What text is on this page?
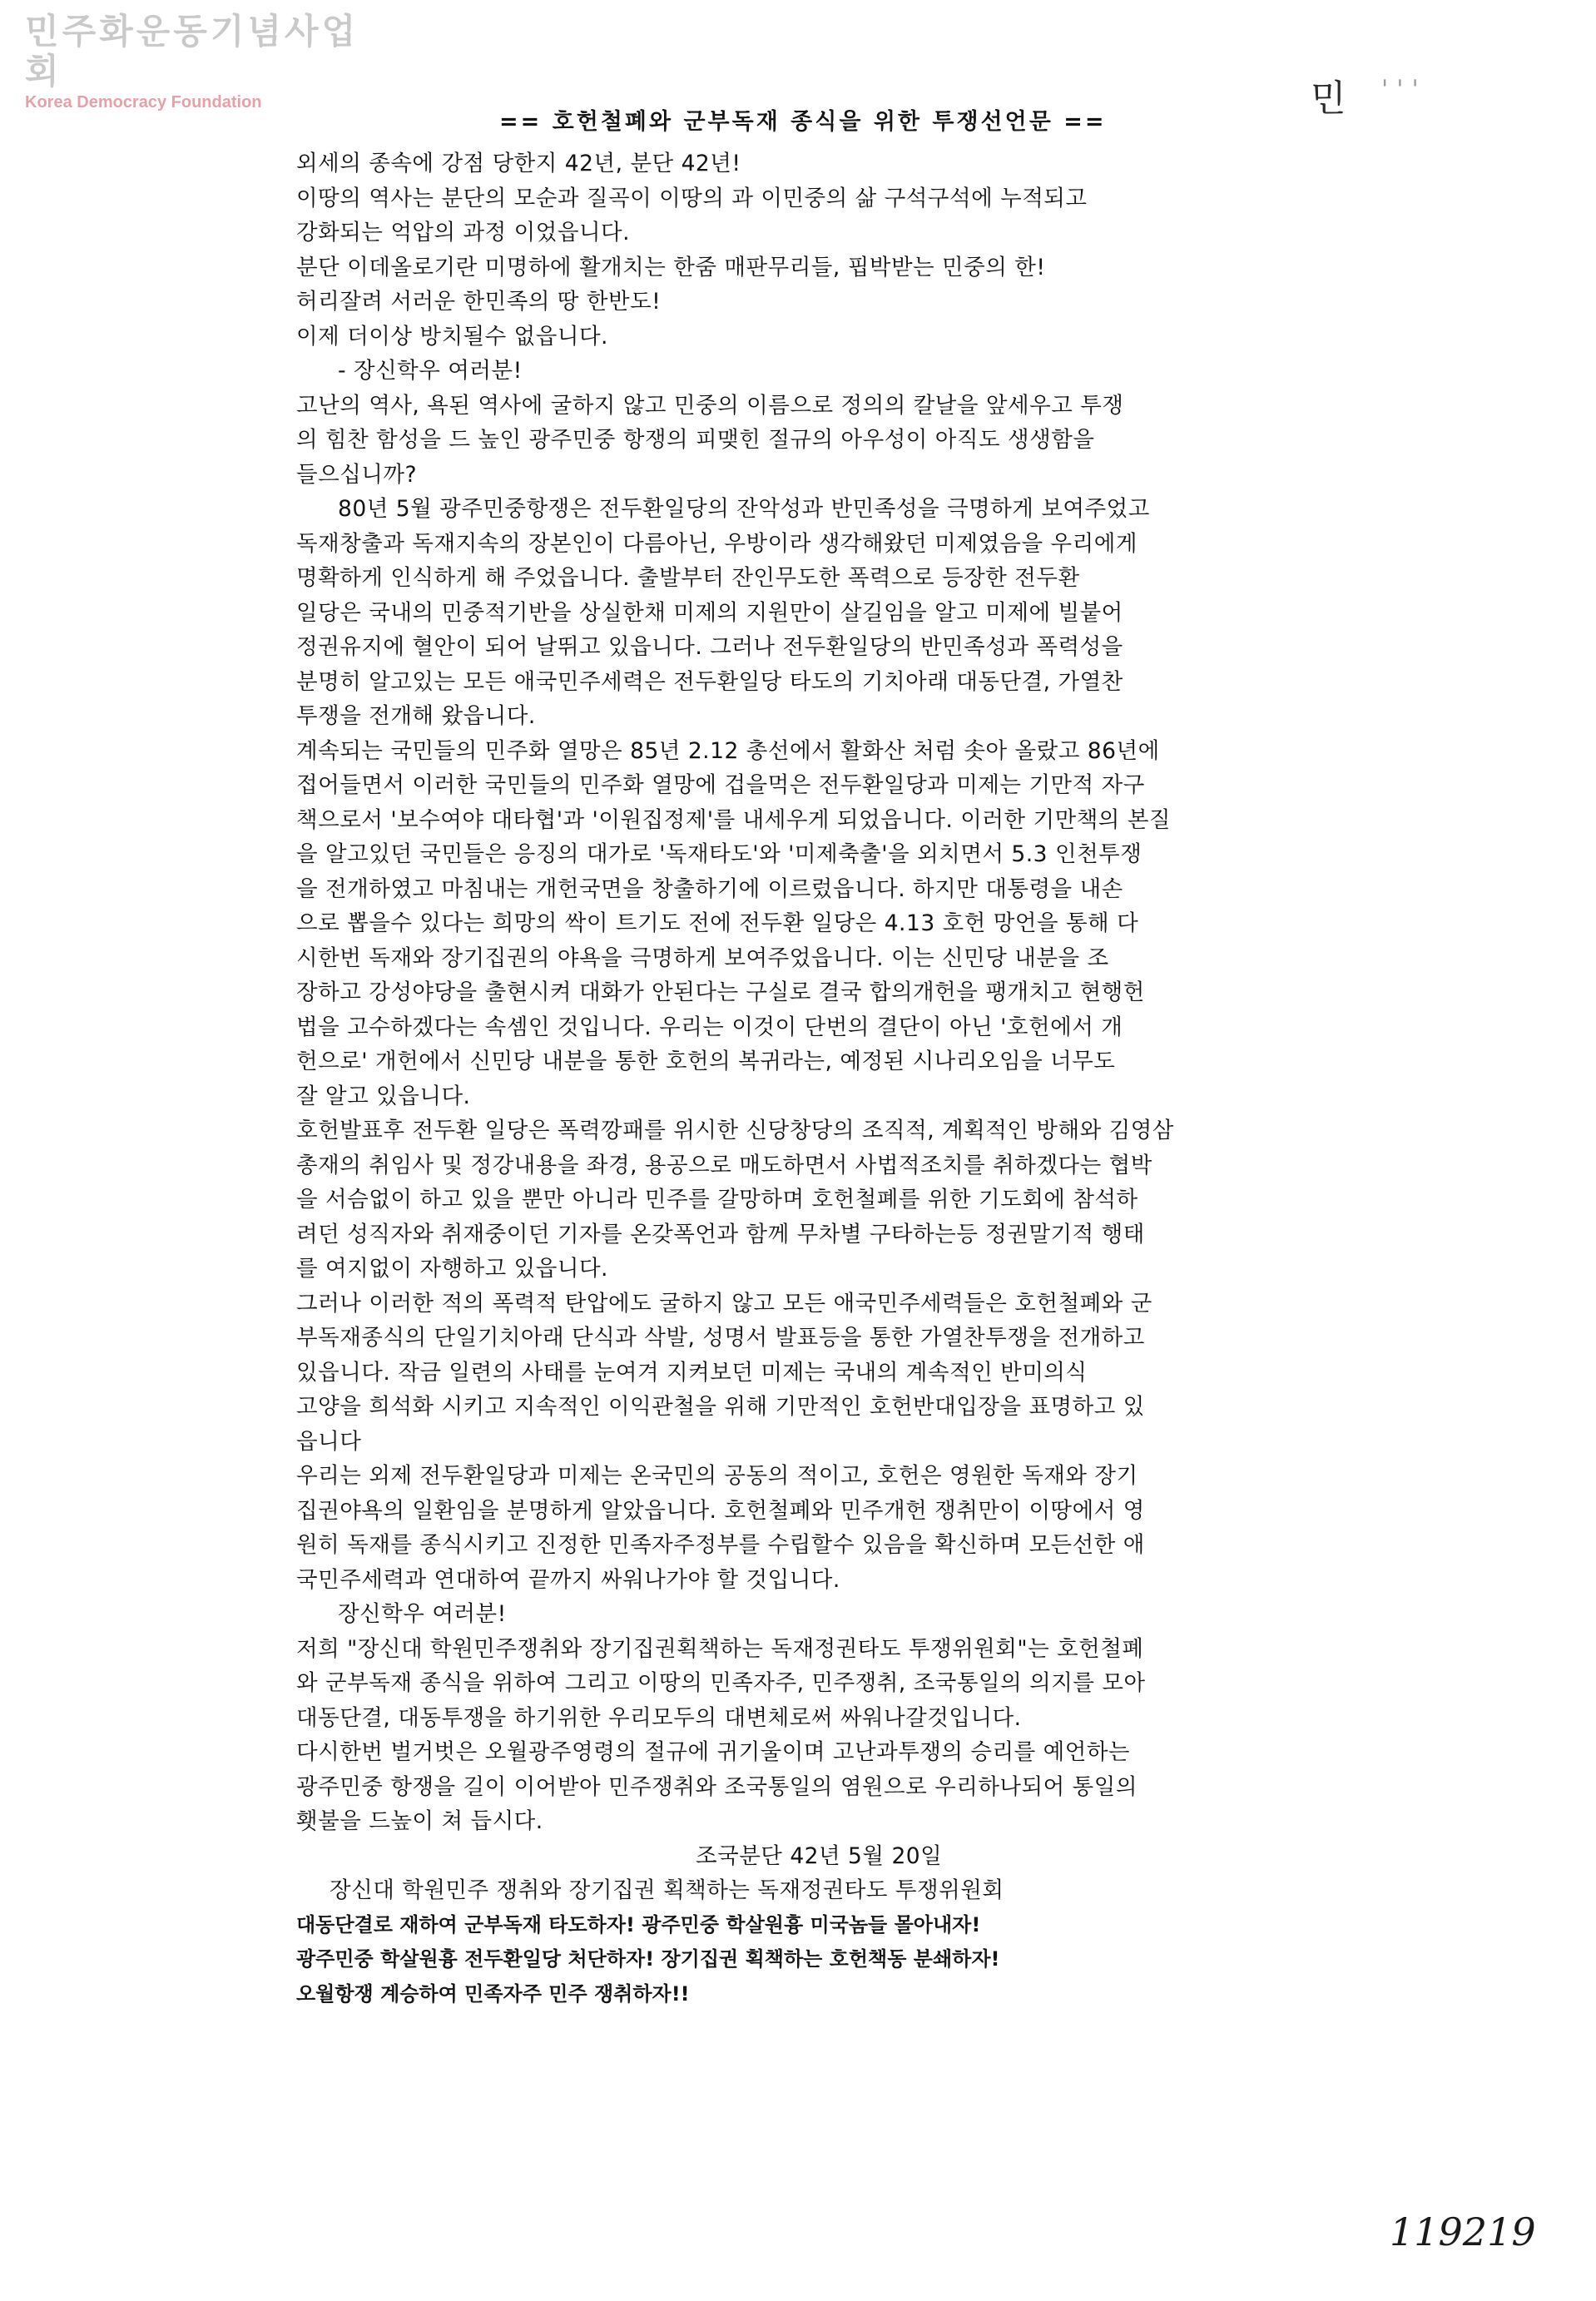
민주화운동기념사업회
Korea Democracy Foundation	민 '''
== 호헌철폐와 군부독재 종식을 위한 투쟁선언문 ==
외세의 종속에 강점 당한지 42년, 분단 42년!
이땅의 역사는 분단의 모순과 질곡이 이땅의 과 이민중의 삶 구석구석에 누적되고
강화되는 억압의 과정 이었읍니다.
분단 이데올로기란 미명하에 활개치는 한줌 매판무리들, 핍박받는 민중의 한!
허리잘려 서러운 한민족의 땅 한반도!
이제 더이상 방치될수 없읍니다.
- 장신학우 여러분!
고난의 역사, 욕된 역사에 굴하지 않고 민중의 이름으로 정의의 칼날을 앞세우고 투쟁
의 힘찬 함성을 드 높인 광주민중 항쟁의 피맺힌 절규의 아우성이 아직도 생생함을
들으십니까?
80년 5월 광주민중항쟁은 전두환일당의 잔악성과 반민족성을 극명하게 보여주었고
독재창출과 독재지속의 장본인이 다름아닌, 우방이라 생각해왔던 미제였음을 우리에게
명확하게 인식하게 해 주었읍니다. 출발부터 잔인무도한 폭력으로 등장한 전두환
일당은 국내의 민중적기반을 상실한채 미제의 지원만이 살길임을 알고 미제에 빌붙어
정권유지에 혈안이 되어 날뛰고 있읍니다. 그러나 전두환일당의 반민족성과 폭력성을
분명히 알고있는 모든 애국민주세력은 전두환일당 타도의 기치아래 대동단결, 가열찬
투쟁을 전개해 왔읍니다.
계속되는 국민들의 민주화 열망은 85년 2.12 총선에서 활화산 처럼 솟아 올랐고 86년에
접어들면서 이러한 국민들의 민주화 열망에 겁을먹은 전두환일당과 미제는 기만적 자구
책으로서 '보수여야 대타협'과 '이원집정제'를 내세우게 되었읍니다. 이러한 기만책의 본질
을 알고있던 국민들은 응징의 대가로 '독재타도'와 '미제축출'을 외치면서 5.3 인천투쟁
을 전개하였고 마침내는 개헌국면을 창출하기에 이르렀읍니다. 하지만 대통령을 내손
으로 뽑을수 있다는 희망의 싹이 트기도 전에 전두환 일당은 4.13 호헌 망언을 통해 다
시한번 독재와 장기집권의 야욕을 극명하게 보여주었읍니다. 이는 신민당 내분을 조
장하고 강성야당을 출현시켜 대화가 안된다는 구실로 결국 합의개헌을 팽개치고 현행헌
법을 고수하겠다는 속셈인 것입니다. 우리는 이것이 단번의 결단이 아닌 '호헌에서 개
헌으로' 개헌에서 신민당 내분을 통한 호헌의 복귀라는, 예정된 시나리오임을 너무도
잘 알고 있읍니다.
호헌발표후 전두환 일당은 폭력깡패를 위시한 신당창당의 조직적, 계획적인 방해와 김영삼
총재의 취임사 및 정강내용을 좌경, 용공으로 매도하면서 사법적조치를 취하겠다는 협박
을 서슴없이 하고 있을 뿐만 아니라 민주를 갈망하며 호헌철폐를 위한 기도회에 참석하
려던 성직자와 취재중이던 기자를 온갖폭언과 함께 무차별 구타하는등 정권말기적 행태
를 여지없이 자행하고 있읍니다.
그러나 이러한 적의 폭력적 탄압에도 굴하지 않고 모든 애국민주세력들은 호헌철폐와 군
부독재종식의 단일기치아래 단식과 삭발, 성명서 발표등을 통한 가열찬투쟁을 전개하고
있읍니다. 작금 일련의 사태를 눈여겨 지켜보던 미제는 국내의 계속적인 반미의식
고양을 희석화 시키고 지속적인 이익관철을 위해 기만적인 호헌반대입장을 표명하고 있
읍니다
우리는 외제 전두환일당과 미제는 온국민의 공동의 적이고, 호헌은 영원한 독재와 장기
집권야욕의 일환임을 분명하게 알았읍니다. 호헌철폐와 민주개헌 쟁취만이 이땅에서 영
원히 독재를 종식시키고 진정한 민족자주정부를 수립할수 있음을 확신하며 모든선한 애
국민주세력과 연대하여 끝까지 싸워나가야 할 것입니다.
장신학우 여러분!
저희 "장신대 학원민주쟁취와 장기집권획책하는 독재정권타도 투쟁위원회"는 호헌철폐
와 군부독재 종식을 위하여 그리고 이땅의 민족자주, 민주쟁취, 조국통일의 의지를 모아
대동단결, 대동투쟁을 하기위한 우리모두의 대변체로써 싸워나갈것입니다.
다시한번 벌거벗은 오월광주영령의 절규에 귀기울이며 고난과투쟁의 승리를 예언하는
광주민중 항쟁을 길이 이어받아 민주쟁취와 조국통일의 염원으로 우리하나되어 통일의
횃불을 드높이 쳐 듭시다.
조국분단 42년 5월 20일
장신대 학원민주 쟁취와 장기집권 획책하는 독재정권타도 투쟁위원회
대동단결로 재하여 군부독재 타도하자! 광주민중 학살원흉 미국놈들 몰아내자!
광주민중 학살원흉 전두환일당 처단하자! 장기집권 획책하는 호헌책동 분쇄하자!
오월항쟁 계승하여 민족자주 민주 쟁취하자!!
119219
